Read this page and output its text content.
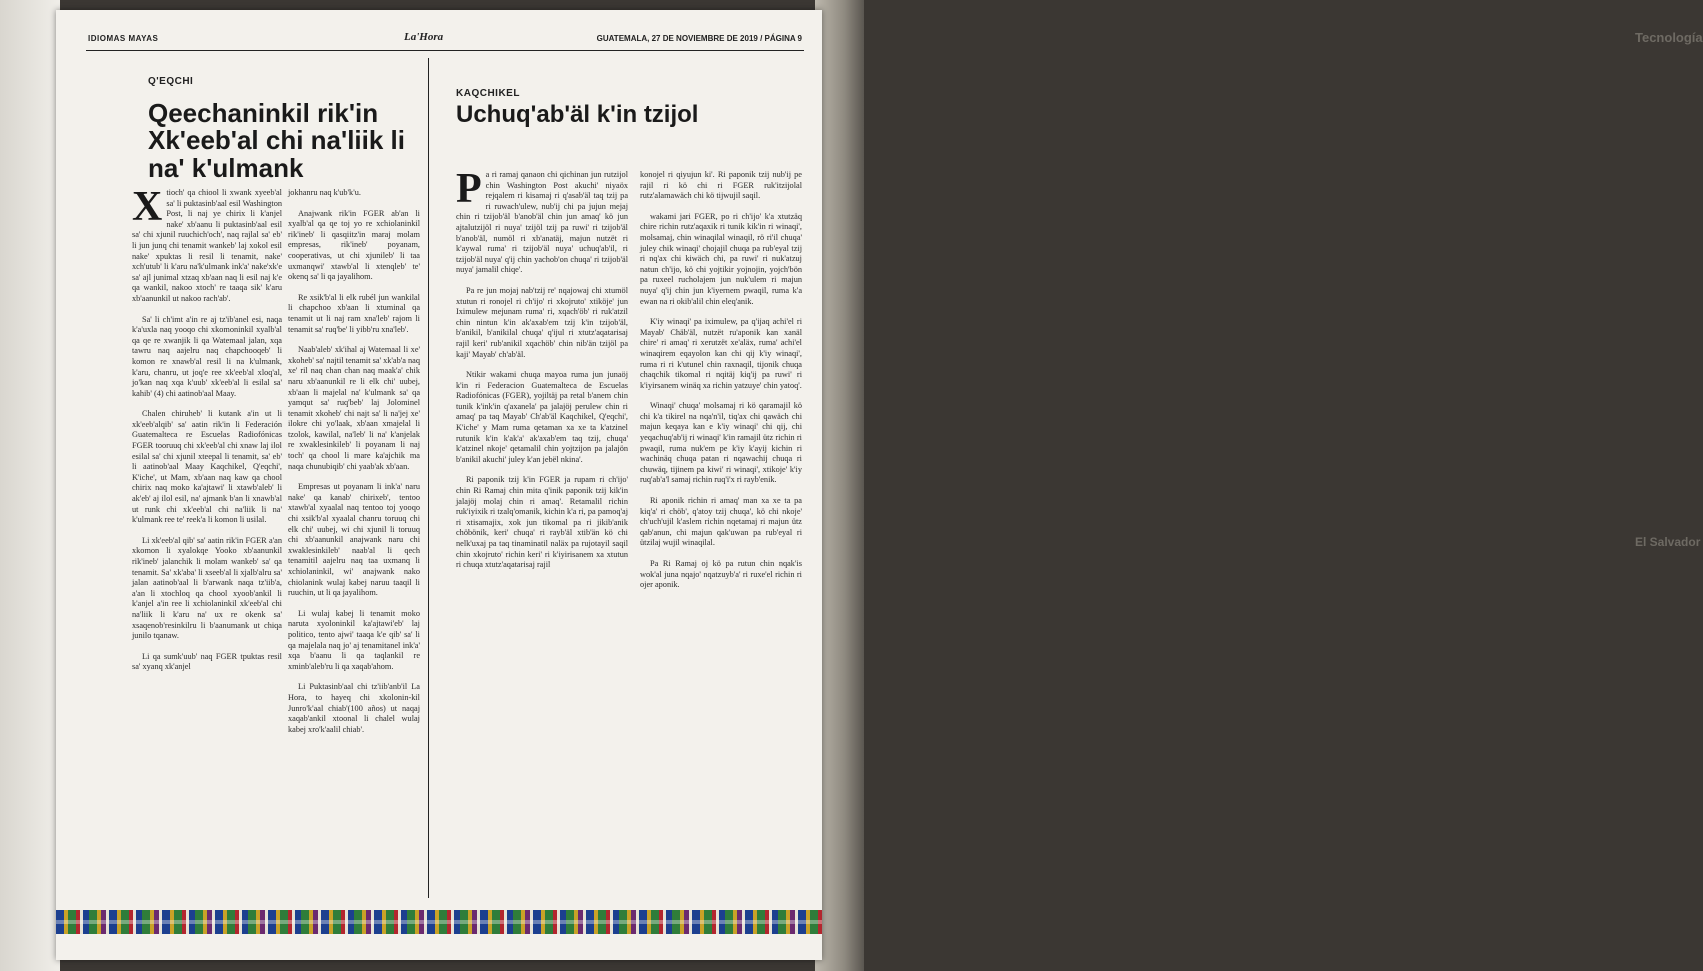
Tecnología
El Salvador
IDIOMAS MAYAS	La'Hora	GUATEMALA, 27 DE NOVIEMBRE DE 2019 / PÁGINA 9
Q'EQCHI
Qeechaninkil rik'in Xk'eeb'al chi na'liik li na' k'ulmank

Xtioch' qa chiool li xwank xyeeb'al sa' li puktasinb'aal esil Washington Post, li naj ye chirix li k'anjel nake' xb'aanu li puktasinb'aal esil sa' chi xjunil ruuchich'och', naq rajlal sa' eb' li jun junq chi tenamit wankeb' laj xokol esil nake' xpuktas li resil li tenamit, nake' xch'utub' li k'aru na'k'ulmank ink'a' nake'xk'e sa' ajl junimal xtzaq xb'aan naq li esil naj k'e qa wankil, nakoo xtoch' re taaqa sik' k'aru xb'aanunkil ut nakoo rach'ab'.

Sa' li ch'imt a'in re aj tz'ib'anel esi, naqa k'a'uxla naq yooqo chi xkomoninkil xyalb'al qa qe re xwanjik li qa Watemaal jalan, xqa tawru naq aajelru naq chapchooqeb' li komon re xnawb'al resil li na k'ulmank, k'aru, chanru, ut joq'e ree xk'eeb'al xloq'al, jo'kan naq xqa k'uub' xk'eeb'al li esilal sa' kahib' (4) chi aatinob'aal Maay.

Chalen chiruheb' li kutank a'in ut li xk'eeb'alqib' sa' aatin rik'in li Federación Guatemalteca re Escuelas Radiofónicas FGER tooruuq chi xk'eeb'al chi xnaw laj ilol esilal sa' chi xjunil xteepal li tenamit, sa' eb' li aatinob'aal Maay Kaqchikel, Q'eqchi', K'iche', ut Mam, xb'aan naq kaw qa chool chirix naq moko ka'ajtawi' li xtawb'aleb' li ak'eb' aj ilol esil, na' ajmank b'an li xnawb'al ut runk chi xk'eeb'al chi na'liik li na' k'ulmank ree te' reek'a li komon li usilal.

Li xk'eeb'al qib' sa' aatin rik'in FGER a'an xkomon li xyalokqe Yooko xb'aanunkil rik'ineb' jalanchik li molam wankeb' sa' qa tenamit. Sa' xk'aba' li xseeb'al li xjalb'alru sa' jalan aatinob'aal li b'arwank naqa tz'iib'a, a'an li xtochloq qa chool xyoob'ankil li k'anjel a'in ree li xchiolaninkil xk'eeb'al chi na'liik li k'aru na' ux re okenk sa' xsaqenob'resinkilru li b'aanumank ut chiqa junilo tqanaw.

Li qa sumk'uub' naq FGER tpuktas resil sa' xyanq xk'anjel

jokhanru naq k'ub'k'u.

Anajwank rik'in FGER ab'an li xyalb'al qa qe toj yo re xchiolaninkil rik'ineb' li qasqiitz'in maraj molam empresas, rik'ineb' poyanam, cooperativas, ut chi xjunileb' li taa uxmanqwi' xtawb'al li xtenqleb' te' okenq sa' li qa jayalihom.

Re xsik'b'al li elk rubél jun wankilal li chapchoo xb'aan li xtuminal qa tenamit ut li naj ram xna'leb' rajom li tenamit sa' ruq'be' li yibb'ru xna'leb'.

Naab'aleb' xk'ihal aj Watemaal li xe' xkoheb' sa' najtil tenamit sa' xk'ab'a naq xe' ril naq chan chan naq maak'a' chik naru xb'aanunkil re li elk chi' uubej, xb'aan li majelal na' k'ulmank sa' qa yamqut sa' ruq'beb' laj Jolominel tenamit xkoheb' chi najt sa' li na'jej xe' ilokre chi yo'laak, xb'aan xmajelal li tzolok, kawilal, na'leb' li na' k'anjelak re xwaklesinkileb' li poyanam li naj toch' qa chool li mare ka'ajchik ma naqa chunubiqib' chi yaab'ak xb'aan.

Empresas ut poyanam li ink'a' naru nake' qa kanab' chirixeb', tentoo xtawb'al xyaalal naq tentoo toj yooqo chi xsik'b'al xyaalal chanru toruuq chi elk chi' uubej, wi chi xjunil li toruuq chi xb'aanunkil anajwank naru chi xwaklesinkileb' naab'al li qech tenamitil aajelru naq taa uxmanq li xchiolaninkil, wi' anajwank nako chiolanink wulaj kabej naruu taaqil li ruuchin, ut li qa jayalihom.

Li wulaj kabej li tenamit moko naruta xyoloninkil ka'ajtawi'eb' laj politico, tento ajwi' taaqa k'e qib' sa' li qa majelala naq jo' aj tenamitanel ink'a' xqa b'aanu li qa taqlankil re xminb'aleb'ru li qa xaqab'ahom.

Li Puktasinb'aal chi tz'iib'anb'il La Hora, to hayeq chi xkolonin-kil Junro'k'aal chiab'(100 años) ut naqaj xaqab'ankil xtoonal li chalel wulaj kabej xro'k'aalil chiab'.

KAQCHIKEL
Uchuq'ab'äl k'in tzijol

Pa ri ramaj qanaon chi qichinan jun rutzijol chin Washington Post akuchi' niyaöx rejqalem ri kisamaj ri q'asab'äl taq tzij pa ri ruwach'ulew, nub'ij chi pa jujun mejaj chin ri tzijob'äl b'anob'äl chin jun amaq' kö jun ajtalutzijöl ri nuya' tzijöl tzij pa ruwi' ri tzijob'äl b'anob'äl, numöl ri xb'anatäj, majun nutzët ri k'aywal ruma' ri tzijob'äl nuya' uchuq'ab'il, ri tzijob'äl nuya' q'ij chin yachob'on chuqa' ri tzijob'äl nuya' jamalil chiqe'.

Pa re jun mojaj nab'tzij re' nqajowaj chi xtumöl xtutun ri ronojel ri ch'ijo' ri xkojruto' xtiköje' jun Iximulew mejunam ruma' ri, xqach'öb' ri ruk'atzil chin nintun k'in ak'axab'em tzij k'in tzijob'äl, b'anikil, b'anikilal chuqa' q'ijul ri xtutz'aqatarisaj rajil keri' rub'anikil xqachöb' chin nib'än tzijöl pa kaji' Mayab' ch'ab'äl.

Ntikir wakami chuqa mayoa ruma jun junaöj k'in ri Federacion Guatemalteca de Escuelas Radiofónicas (FGER), yojiltäj pa retal b'anem chin tunik k'ink'in q'axanela' pa jalajöj perulew chin ri amaq' pa taq Mayab' Ch'ab'äl Kaqchikel, Q'eqchi', K'iche' y Mam ruma qetaman xa xe ta k'atzinel rutunik k'in k'ak'a' ak'axab'em taq tzij, chuqa' k'atzinel nkoje' qetamalil chin yojtzijon pa jalajön b'anikil akuchi' juley k'an jebël nkina'.

Ri paponik tzij k'in FGER ja rupam ri ch'ijo' chin Ri Ramaj chin mita q'inik paponik tzij kik'in jalajöj molaj chin ri amaq'. Retamalil richin ruk'iyixik ri tzalq'omanik, kichin k'a ri, pa pamoq'aj ri xtisamajix, xok jun tikomal pa ri jikib'anik chöbönik, keri' chuqa' ri rayb'äl xtib'än kö chi nelk'uxaj pa taq tinaminatil naläx pa rujotayil saqil chin xkojruto' richin keri' ri k'iyirisanem xa xtutun ri chuqa xtutz'aqatarisaj rajil

konojel ri qiyujun ki'. Ri paponik tzij nub'ij pe rajil ri kö chi ri FGER ruk'itzijolal rutz'alamawäch chi kö tijwujil saqil.

wakami jari FGER, po ri ch'ijo' k'a xtutzäq chire richin rutz'aqaxik ri tunik kik'in ri winaqi', molsamaj, chin winaqilal winaqil, rö ri'il chuqa' juley chik winaqi' chojajil chuqa pa rub'eyal tzij ri nq'ax chi kiwäch chi, pa ruwi' ri nuk'atzuj natun ch'ijo, kö chi yojtikir yojnojin, yojch'bön pa ruxeel rucholajem jun nuk'ulem ri majun nuya' q'ij chin jun k'iyernem pwaqil, ruma k'a ewan na ri okib'alil chin eleq'anik.

K'iy winaqi' pa iximulew, pa q'ijaq achi'el ri Mayab' Chäb'äl, nutzët ru'aponik kan xanäl chire' ri amaq' ri xerutzët xe'aläx, ruma' achi'el winaqirem eqayolon kan chi qij k'iy winaqi', ruma ri ri k'utunel chin raxnaqil, tijonik chuqa chaqchik tikomal ri nqitäj kiq'ij pa ruwi' ri k'iyirsanem winäq xa richin yatzuye' chin yatoq'.

Winaqi' chuqa' molsamaj ri kö qaramajil kö chi k'a tikirel na nqa'n'il, tiq'ax chi qawäch chi majun keqaya kan e k'iy winaqi' chi qij, chi yeqachuq'ab'ij ri winaqi' k'in ramajil ütz richin ri pwaqil, ruma nuk'em pe k'iy k'ayij kichin ri wachinäq chuqa patan ri nqawachij chuqa ri chuwäq, tijinem pa kiwi' ri winaqi', xtikoje' k'iy ruq'ab'a'l samaj richin ruq'i'x ri rayb'enik.

Ri aponik richin ri amaq' man xa xe ta pa kiq'a' ri chöb', q'atoy tzij chuqa', kö chi nkoje' ch'uch'ujil k'aslem richin nqetamaj ri majun ütz qab'anun, chi majun qak'uwan pa rub'eyal ri ützilaj wujil winaqilal.

Pa Ri Ramaj oj kö pa rutun chin nqak'is wok'al juna nqajo' nqatzuyb'a' ri ruxe'el richin ri ojer aponik.
